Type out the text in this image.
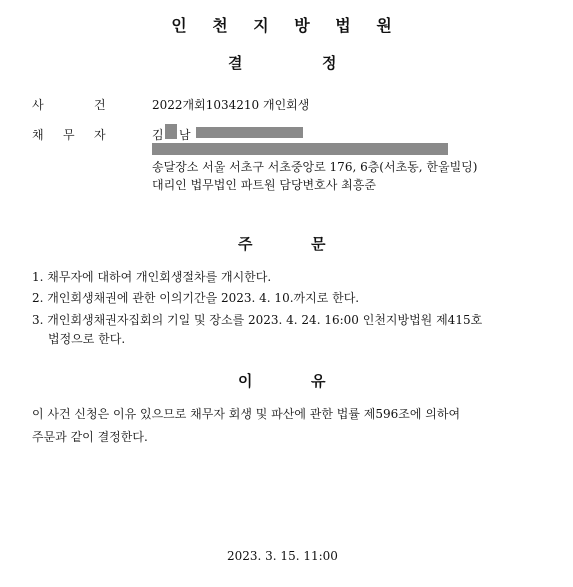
인 천 지 방 법 원
결	정
사	건	2022개회1034210 개인회생
채 무 자	김 남
송달장소 서울 서초구 서초중앙로 176, 6층(서초동, 한울빌딩)
대리인 법무법인 파트원 담당변호사 최흥준
주	문
1. 채무자에 대하여 개인회생절차를 개시한다.
2. 개인회생채권에 관한 이의기간을 2023. 4. 10.까지로 한다.
3. 개인회생채권자집회의 기일 및 장소를 2023. 4. 24. 16:00 인천지방법원 제415호
법정으로 한다.
이	유
이 사건 신청은 이유 있으므로 채무자 회생 및 파산에 관한 법률 제596조에 의하여
주문과 같이 결정한다.
2023. 3. 15. 11:00
